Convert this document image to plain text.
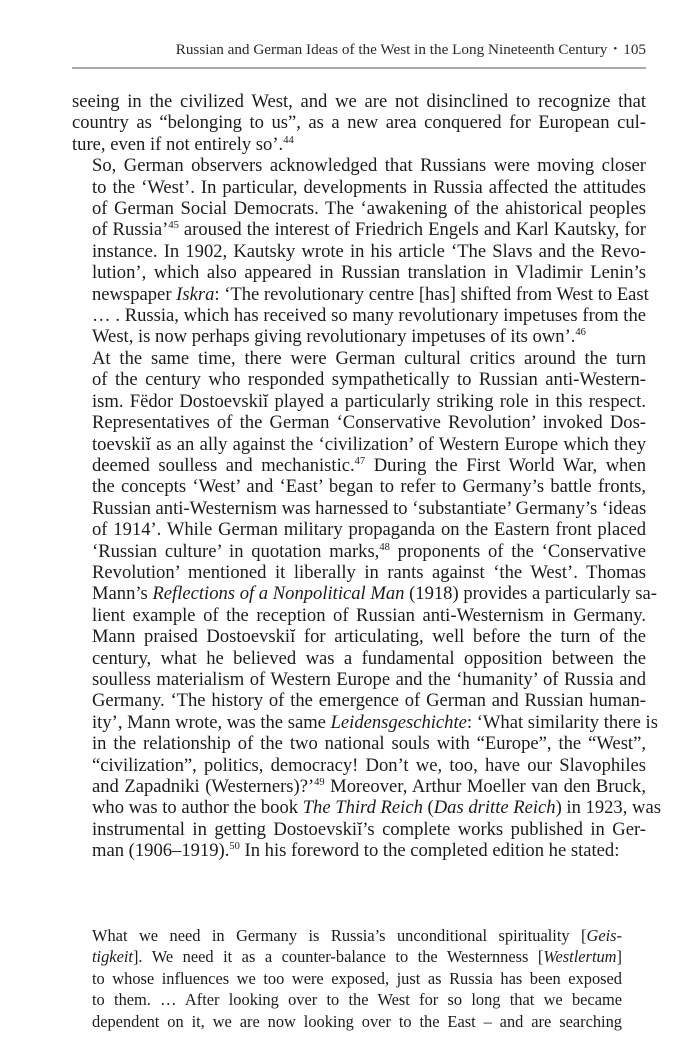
Russian and German Ideas of the West in the Long Nineteenth Century • 105

seeing in the civilized West, and we are not disinclined to recognize that
country as “belonging to us”, as a new area conquered for European cul-
ture, even if not entirely so’.$^{44}$

So, German observers acknowledged that Russians were moving closer
to the ‘West’. In particular, developments in Russia affected the attitudes
of German Social Democrats. The ‘awakening of the ahistorical peoples
of Russia’$^{45}$ aroused the interest of Friedrich Engels and Karl Kautsky, for
instance. In 1902, Kautsky wrote in his article ‘The Slavs and the Revo-
lution’, which also appeared in Russian translation in Vladimir Lenin’s
newspaper Iskra: ‘The revolutionary centre [has] shifted from West to East
… . Russia, which has received so many revolutionary impetuses from the
West, is now perhaps giving revolutionary impetuses of its own’.$^{46}$

At the same time, there were German cultural critics around the turn
of the century who responded sympathetically to Russian anti-Western-
ism. Fëdor Dostoevskiĭ played a particularly striking role in this respect.
Representatives of the German ‘Conservative Revolution’ invoked Dos-
toevskiĭ as an ally against the ‘civilization’ of Western Europe which they
deemed soulless and mechanistic.$^{47}$ During the First World War, when
the concepts ‘West’ and ‘East’ began to refer to Germany’s battle fronts,
Russian anti-Westernism was harnessed to ‘substantiate’ Germany’s ‘ideas
of 1914’. While German military propaganda on the Eastern front placed
‘Russian culture’ in quotation marks,$^{48}$ proponents of the ‘Conservative
Revolution’ mentioned it liberally in rants against ‘the West’. Thomas
Mann’s Reflections of a Nonpolitical Man (1918) provides a particularly sa-
lient example of the reception of Russian anti-Westernism in Germany.
Mann praised Dostoevskiĭ for articulating, well before the turn of the
century, what he believed was a fundamental opposition between the
soulless materialism of Western Europe and the ‘humanity’ of Russia and
Germany. ‘The history of the emergence of German and Russian human-
ity’, Mann wrote, was the same Leidensgeschichte: ‘What similarity there is
in the relationship of the two national souls with “Europe”, the “West”,
“civilization”, politics, democracy! Don’t we, too, have our Slavophiles
and Zapadniki (Westerners)?’$^{49}$ Moreover, Arthur Moeller van den Bruck,
who was to author the book The Third Reich (Das dritte Reich) in 1923, was
instrumental in getting Dostoevskiĭ’s complete works published in Ger-
man (1906–1919).$^{50}$ In his foreword to the completed edition he stated:

What we need in Germany is Russia’s unconditional spirituality [Geis-
tigkeit]. We need it as a counter-balance to the Westernness [Westlertum]
to whose influences we too were exposed, just as Russia has been exposed
to them. … After looking over to the West for so long that we became
dependent on it, we are now looking over to the East – and are searching
